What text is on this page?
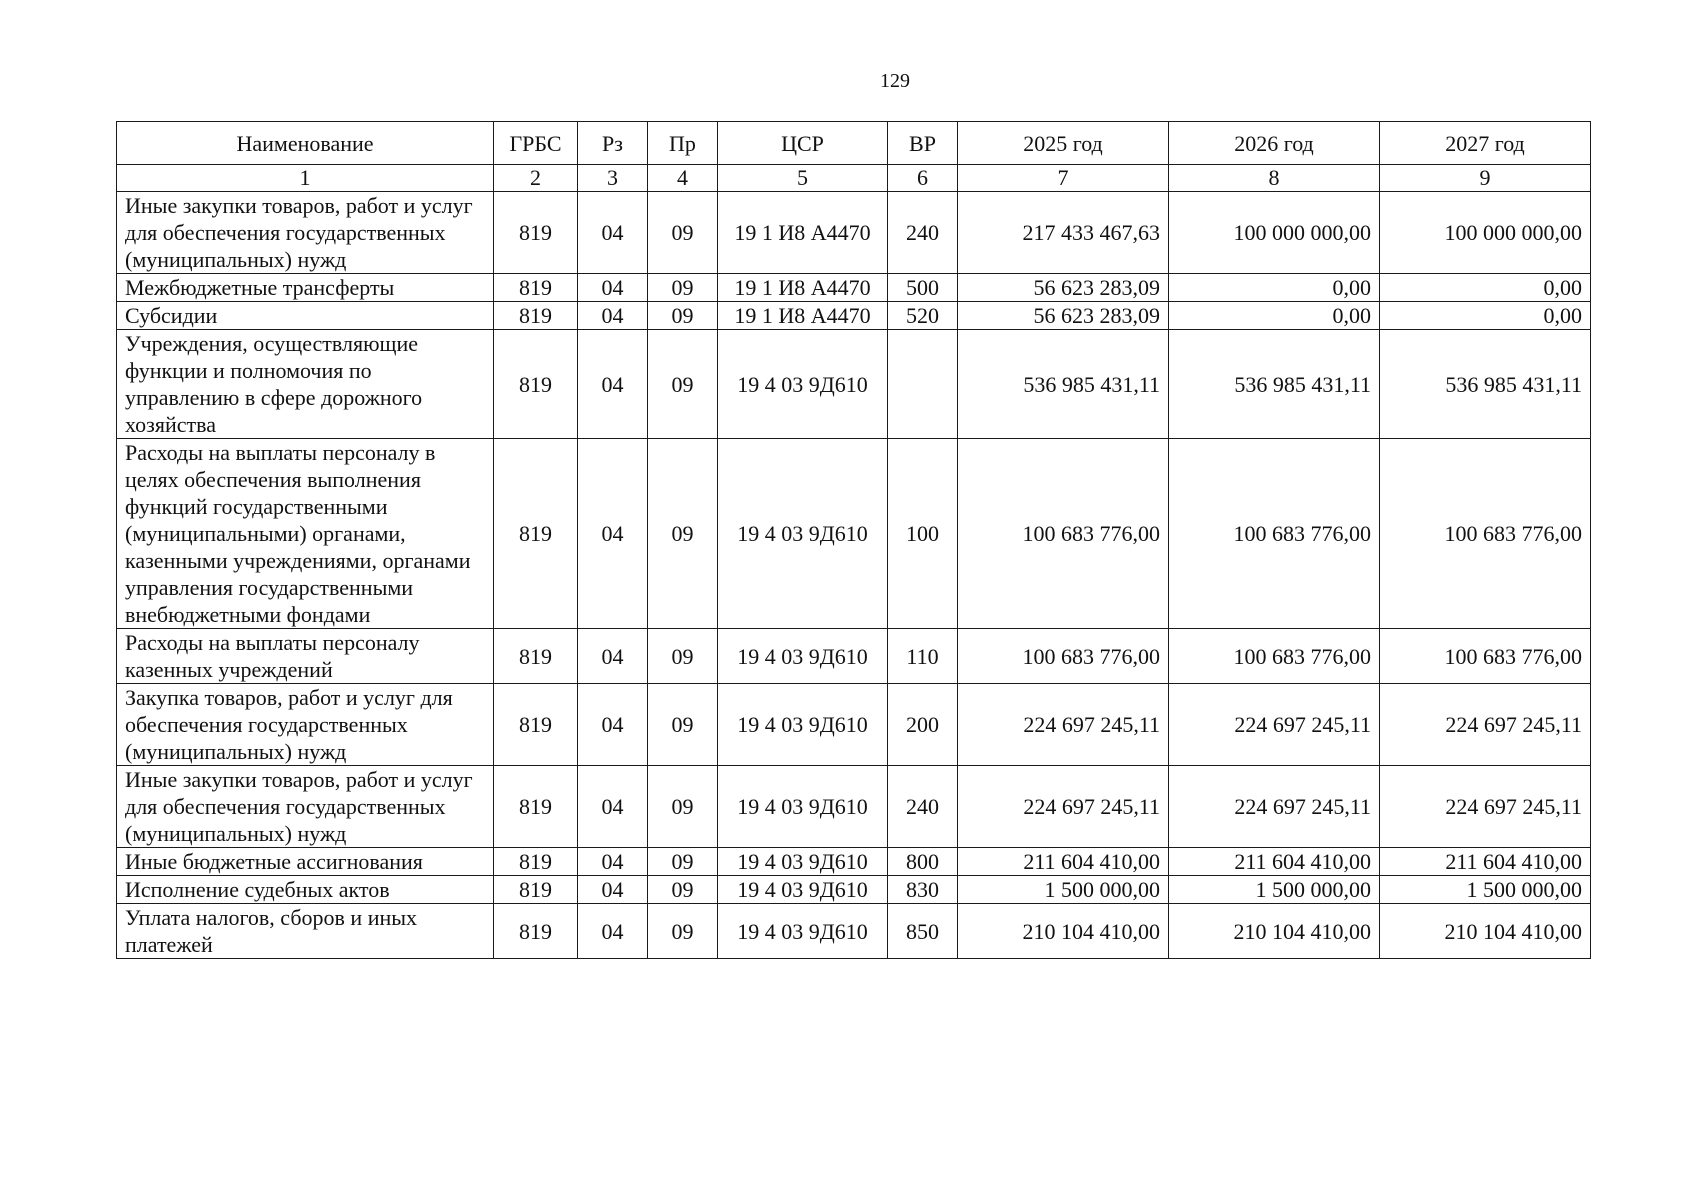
129
Наименование	ГРБС	Рз	Пр	ЦСР	ВР	2025 год	2026 год	2027 год
1	2	3	4	5	6	7	8	9
Иные закупки товаров, работ и услуг для обеспечения государственных (муниципальных) нужд	819	04	09	19 1 И8 А4470	240	217 433 467,63	100 000 000,00	100 000 000,00
Межбюджетные трансферты	819	04	09	19 1 И8 А4470	500	56 623 283,09	0,00	0,00
Субсидии	819	04	09	19 1 И8 А4470	520	56 623 283,09	0,00	0,00
Учреждения, осуществляющие функции и полномочия по управлению в сфере дорожного хозяйства	819	04	09	19 4 03 9Д610		536 985 431,11	536 985 431,11	536 985 431,11
Расходы на выплаты персоналу в целях обеспечения выполнения функций государственными (муниципальными) органами, казенными учреждениями, органами управления государственными внебюджетными фондами	819	04	09	19 4 03 9Д610	100	100 683 776,00	100 683 776,00	100 683 776,00
Расходы на выплаты персоналу казенных учреждений	819	04	09	19 4 03 9Д610	110	100 683 776,00	100 683 776,00	100 683 776,00
Закупка товаров, работ и услуг для обеспечения государственных (муниципальных) нужд	819	04	09	19 4 03 9Д610	200	224 697 245,11	224 697 245,11	224 697 245,11
Иные закупки товаров, работ и услуг для обеспечения государственных (муниципальных) нужд	819	04	09	19 4 03 9Д610	240	224 697 245,11	224 697 245,11	224 697 245,11
Иные бюджетные ассигнования	819	04	09	19 4 03 9Д610	800	211 604 410,00	211 604 410,00	211 604 410,00
Исполнение судебных актов	819	04	09	19 4 03 9Д610	830	1 500 000,00	1 500 000,00	1 500 000,00
Уплата налогов, сборов и иных платежей	819	04	09	19 4 03 9Д610	850	210 104 410,00	210 104 410,00	210 104 410,00
